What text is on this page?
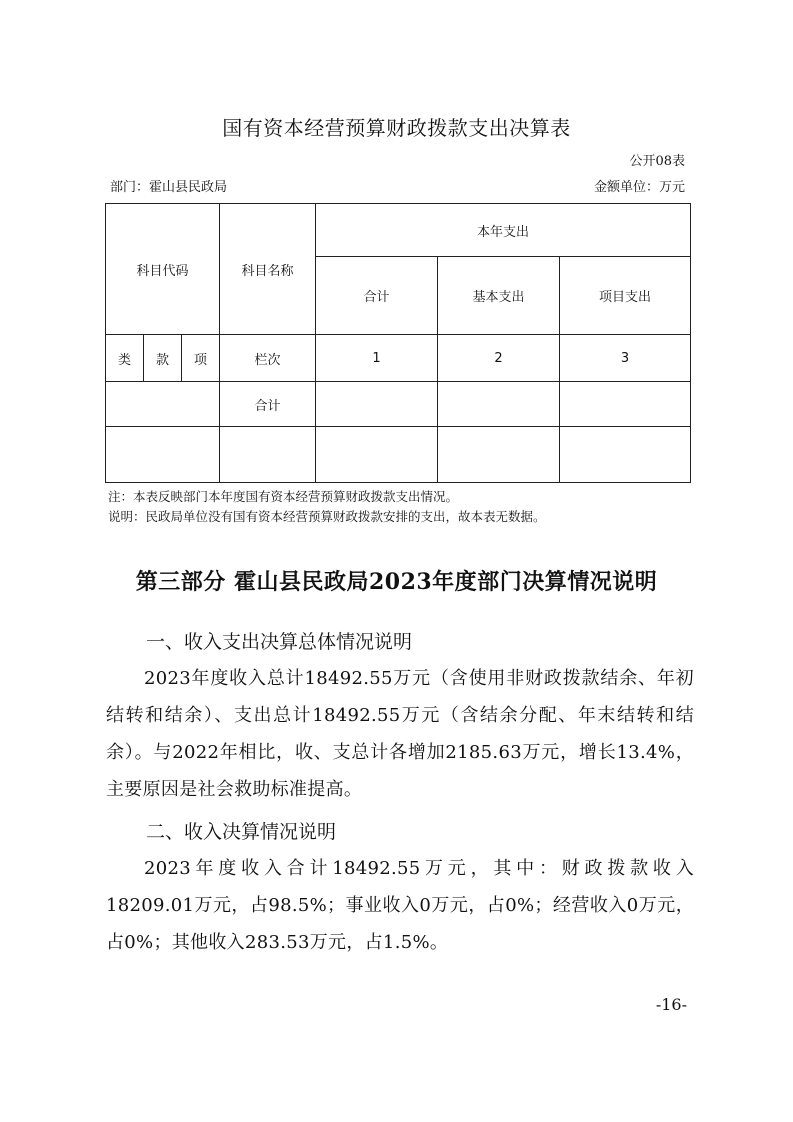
国有资本经营预算财政拨款支出决算表
公开08表
部门：霍山县民政局	金额单位：万元
科目代码			科目名称	本年支出		
				合计	基本支出	项目支出
类	款	项	栏次	1	2	3
			合计			

注：本表反映部门本年度国有资本经营预算财政拨款支出情况。
说明：民政局单位没有国有资本经营预算财政拨款安排的支出，故本表无数据。
第三部分 霍山县民政局2023年度部门决算情况说明
一、收入支出决算总体情况说明
2023年度收入总计18492.55万元（含使用非财政拨款结余、年初结转和结余）、支出总计18492.55万元（含结余分配、年末结转和结余）。与2022年相比，收、支总计各增加2185.63万元，增长13.4%，主要原因是社会救助标准提高。
二、收入决算情况说明
2023年度收入合计18492.55万元，其中：财政拨款收入18209.01万元，占98.5%；事业收入0万元，占0%；经营收入0万元，占0%；其他收入283.53万元，占1.5%。
-16-
